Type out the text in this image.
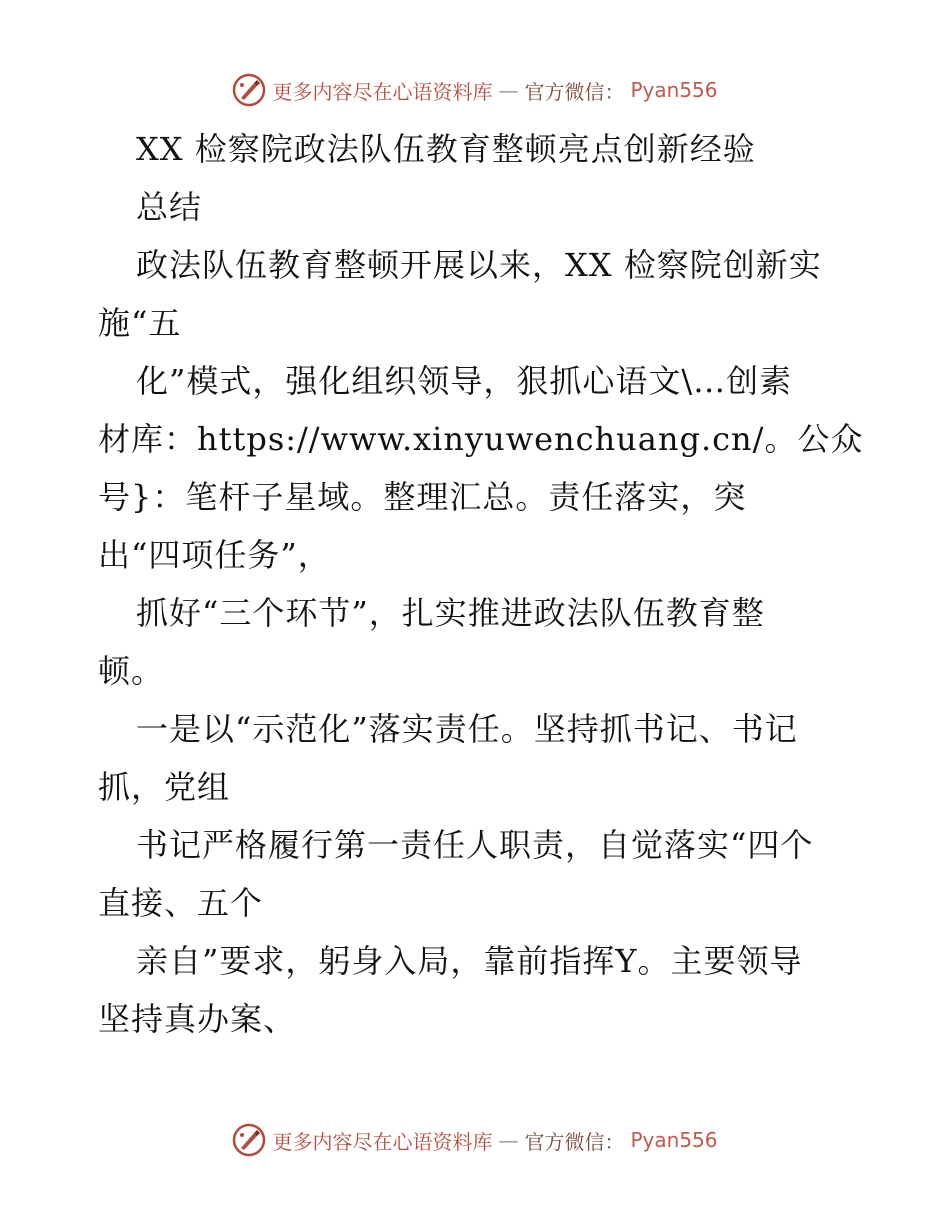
更多内容尽在心语资料库 — 官方微信： Pyan556
XX 检察院政法队伍教育整顿亮点创新经验
总结
政法队伍教育整顿开展以来，XX 检察院创新实
施“五
化”模式，强化组织领导，狠抓心语文\…创素
材库：https://www.xinyuwenchuang.cn/。公众
号}：笔杆子星域。整理汇总。责任落实，突
出“四项任务”，
抓好“三个环节”，扎实推进政法队伍教育整
顿。
一是以“示范化”落实责任。坚持抓书记、书记
抓，党组
书记严格履行第一责任人职责，自觉落实“四个
直接、五个
亲自”要求，躬身入局，靠前指挥Y。主要领导
坚持真办案、
更多内容尽在心语资料库 — 官方微信： Pyan556
